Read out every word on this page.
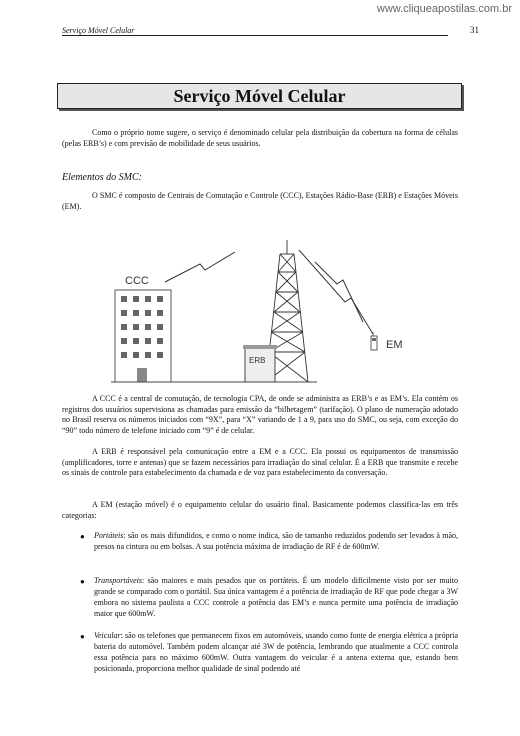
www.cliqueapostilas.com.br
Serviço Móvel Celular	31
Serviço Móvel Celular
Como o próprio nome sugere, o serviço é denominado celular pela distribuição da cobertura na forma de células (pelas ERB’s) e com previsão de mobilidade de seus usuários.
Elementos do SMC:
O SMC é composto de Centrais de Comutação e Controle (CCC), Estações Rádio-Base (ERB) e Estações Móveis (EM).
CCC
ERB
EM
A CCC é a central de comutação, de tecnologia CPA, de onde se administra as ERB’s e as EM’s. Ela contém os registros dos usuários supervisiona as chamadas para emissão da “bilhetagem” (tarifação). O plano de numeração adotado no Brasil reserva os números iniciados com “9X”, para “X” variando de 1 a 9, para uso do SMC, ou seja, com exceção do “90” todo número de telefone iniciado com “9” é de celular.
A ERB é responsável pela comunicação entre a EM e a CCC. Ela possui os equipamentos de transmissão (amplificadores, torre e antenas) que se fazem necessários para irradiação do sinal celular. É a ERB que transmite e recebe os sinais de controle para estabelecimento da chamada e de voz para estabelecimento da conversação.
A EM (estação móvel) é o equipamento celular do usuário final. Basicamente podemos classifica-las em três categorias:
● Portáteis: são os mais difundidos, e como o nome indica, são de tamanho reduzidos podendo ser levados à mão, presos na cintura ou em bolsas. A sua potência máxima de irradiação de RF é de 600mW.
● Transportáveis: são maiores e mais pesados que os portáteis. É um modelo dificilmente visto por ser muito grande se comparado com o portátil. Sua única vantagem é a potência de irradiação de RF que pode chegar a 3W embora no sistema paulista a CCC controle a potência das EM’s e nunca permite uma potência de irradiação maior que 600mW.
● Veicular: são os telefones que permanecem fixos em automóveis, usando como fonte de energia elétrica a própria bateria do automóvel. Também podem alcançar até 3W de potência, lembrando que atualmente a CCC controla essa potência para no máximo 600mW. Outra vantagem do veicular é a antena externa que, estando bem posicionada, proporciona melhor qualidade de sinal podendo até
